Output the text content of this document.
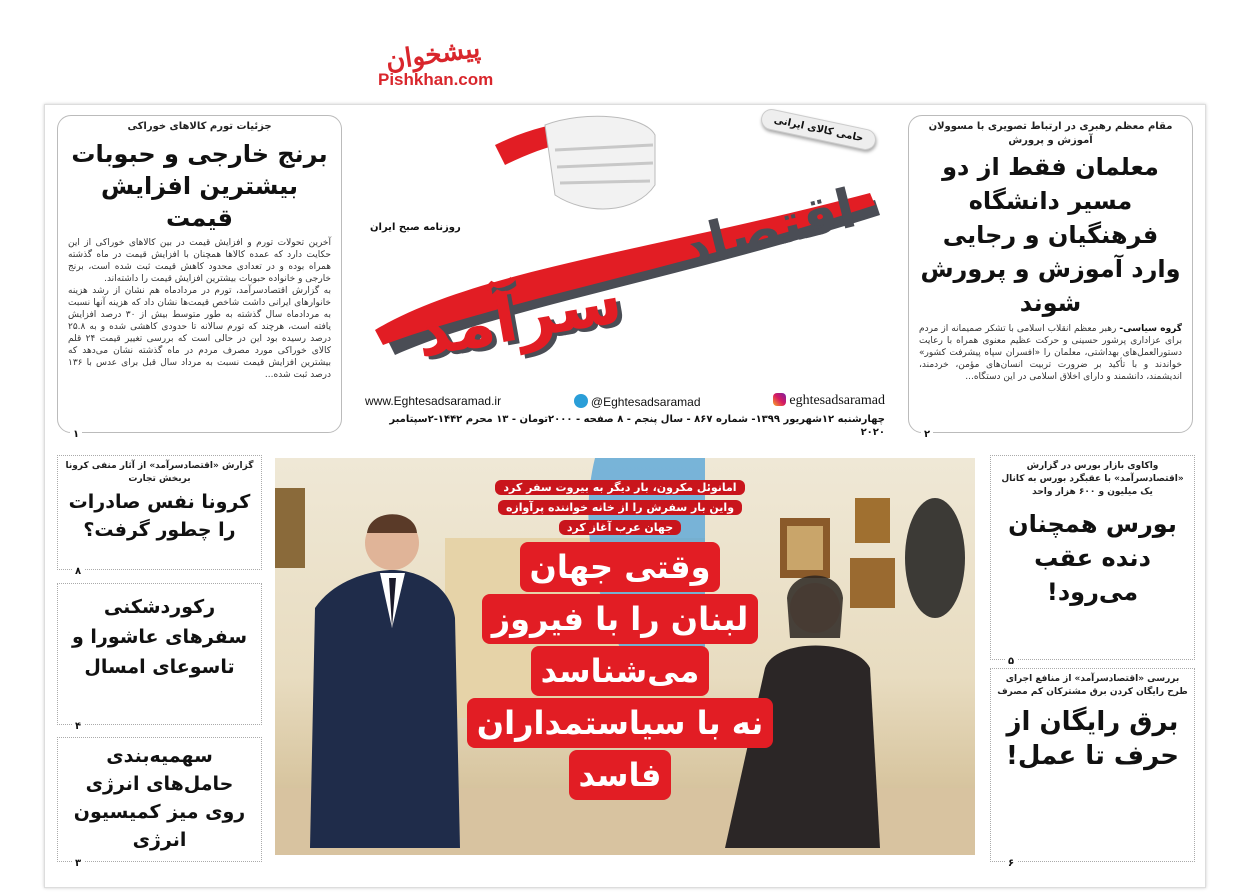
پیشخوان
Pishkhan.com
جزئیات تورم کالاهای خوراکی
برنج خارجی و حبوبات بیشترین افزایش قیمت
آخرین تحولات تورم و افزایش قیمت در بین کالاهای خوراکی از این حکایت دارد که عمده کالاها همچنان با افزایش قیمت در ماه گذشته همراه بوده و در تعدادی محدود کاهش قیمت ثبت شده است، برنج خارجی و خانواده حبوبات بیشترین افزایش قیمت را داشته‌اند.
به گزارش اقتصادسرآمد، تورم در مردادماه هم نشان از رشد هزینه خانوارهای ایرانی داشت شاخص قیمت‌ها نشان داد که هزینه آنها نسبت به مردادماه سال گذشته به طور متوسط بیش از ۳۰ درصد افزایش یافته است، هرچند که تورم سالانه تا حدودی کاهشی شده و به ۲۵.۸ درصد رسیده بود این در حالی است که بررسی تغییر قیمت ۲۴ قلم کالای خوراکی مورد مصرف مردم در ماه گذشته نشان می‌دهد که بیشترین افزایش قیمت نسبت به مرداد سال قبل برای عدس با ۱۳۶ درصد ثبت شده...
۱
مقام معظم رهبری در ارتباط تصویری با مسوولان آموزش و پرورش
معلمان فقط از دو مسیر دانشگاه فرهنگیان و رجایی وارد آموزش و پرورش شوند
گروه سیاسی- رهبر معظم انقلاب اسلامی با تشکر صمیمانه از مردم برای عزاداری پرشور حسینی و حرکت عظیم معنوی همراه با رعایت دستورالعمل‌های بهداشتی، معلمان را «افسران سپاه پیشرفت کشور» خواندند و با تأکید بر ضرورت تربیت انسان‌های مؤمن، خردمند، اندیشمند، دانشمند و دارای اخلاق اسلامی در این دستگاه...
۲
حامی کالای ایرانی
اقتصاد
سرآمد
روزنامه صبح ایران
www.Eghtesadsaramad.ir	@Eghtesadsaramad	eghtesadsaramad
چهارشنبه ۱۲شهریور ۱۳۹۹- شماره ۸۶۷ - سال پنجم - ۸ صفحه - ۲۰۰۰تومان - ۱۳ محرم ۱۴۴۲-۲سپتامبر ۲۰۲۰
گزارش «اقتصادسرآمد» از آثار منفی کرونا بربخش تجارت
کرونا نفس صادرات را چطور گرفت؟
۸
رکوردشکنی سفرهای عاشورا و تاسوعای امسال
۴
سهمیه‌بندی حامل‌های انرژی روی میز کمیسیون انرژی
۳
امانوئل مکرون، بار دیگر به بیروت سفر کرد
واین بار سفرش را از خانه خواننده پرآوازه
جهان عرب آغاز کرد
وقتی جهان
لبنان را با فیروز
می‌شناسد
نه با سیاستمداران
فاسد
واکاوی بازار بورس در گزارش «اقتصادسرآمد» با عقبگرد بورس به کانال یک میلیون و ۶۰۰ هزار واحد
بورس همچنان دنده عقب می‌رود!
۵
بررسی «اقتصادسرآمد» از منافع اجرای طرح رایگان کردن برق مشترکان کم مصرف
برق رایگان از حرف تا عمل!
۶
